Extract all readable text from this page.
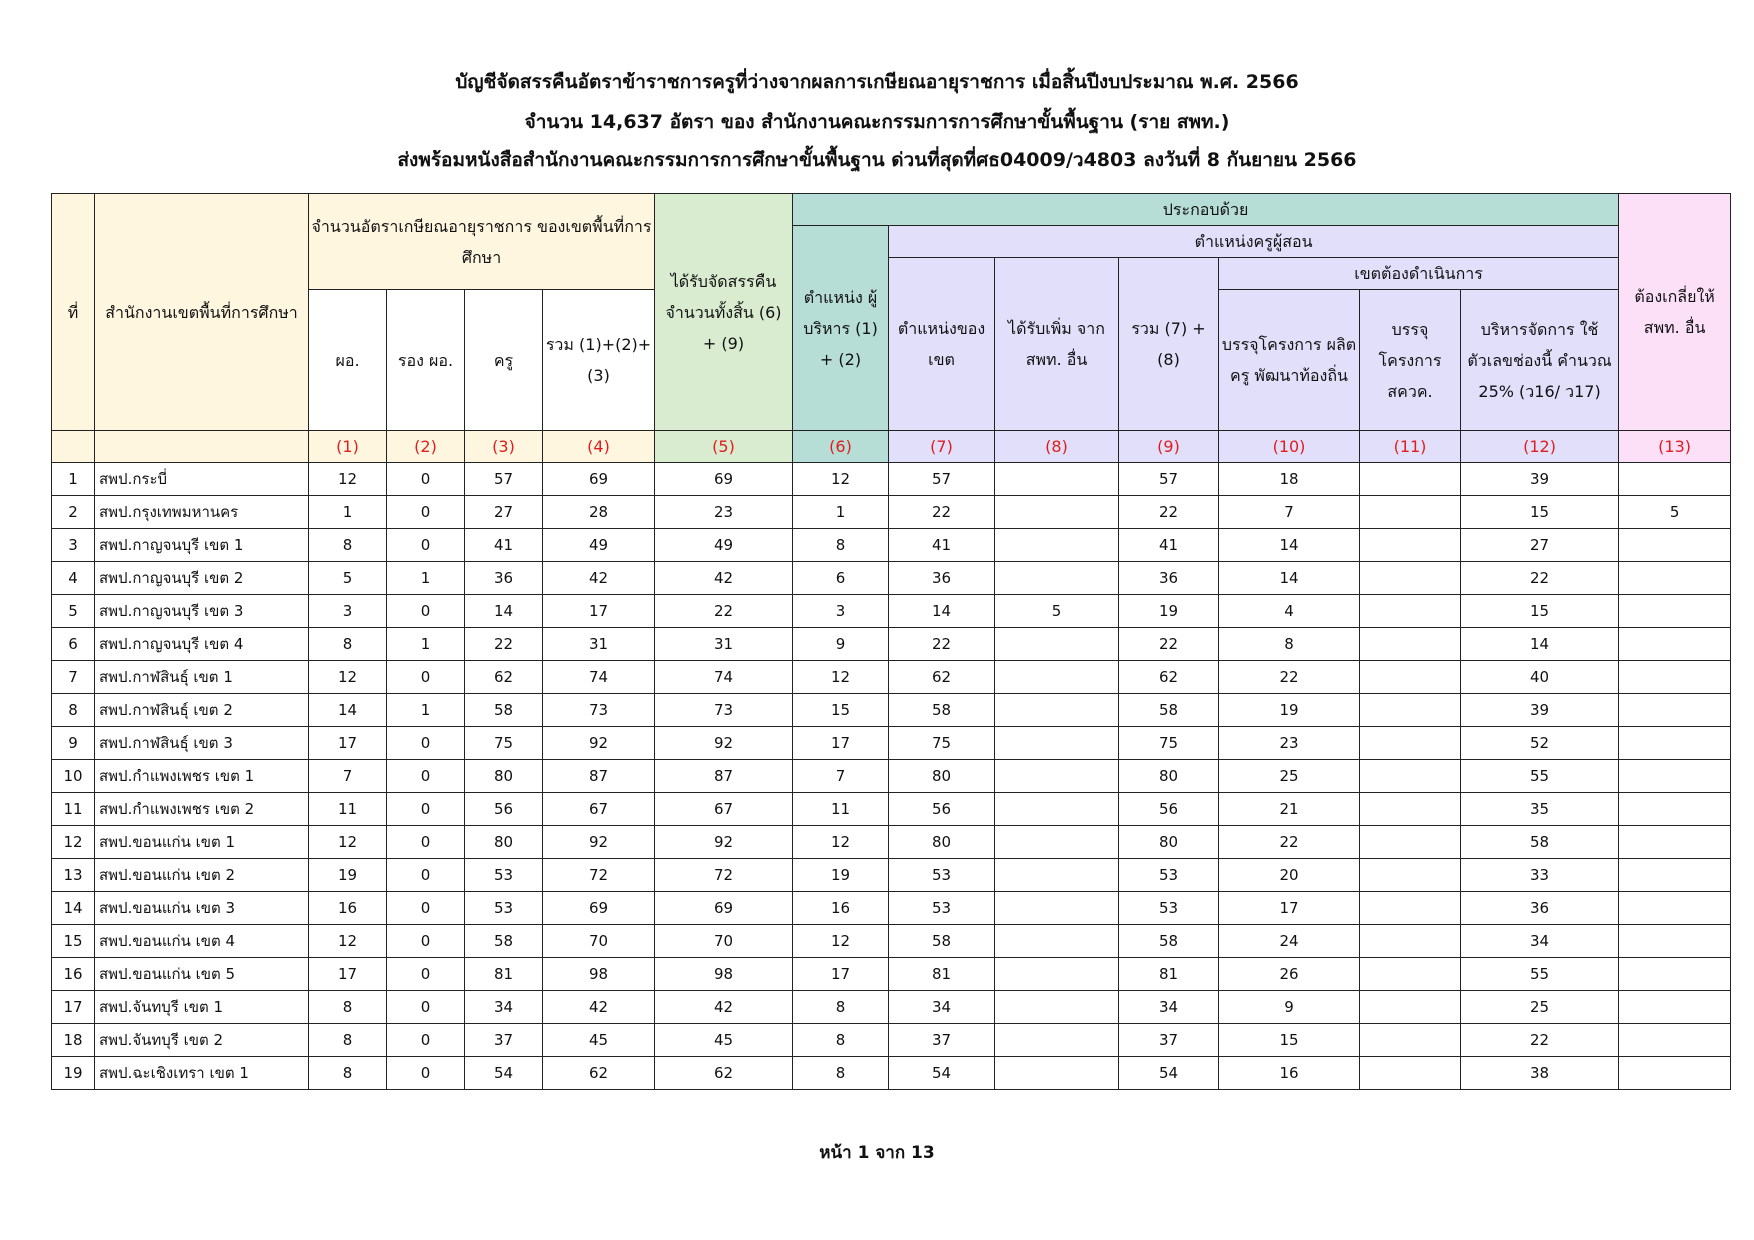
บัญชีจัดสรรคืนอัตราข้าราชการครูที่ว่างจากผลการเกษียณอายุราชการ เมื่อสิ้นปีงบประมาณ พ.ศ. 2566
จำนวน 14,637 อัตรา ของ สำนักงานคณะกรรมการการศึกษาขั้นพื้นฐาน (ราย สพท.)
ส่งพร้อมหนังสือสำนักงานคณะกรรมการการศึกษาขั้นพื้นฐาน ด่วนที่สุดที่ศธ04009/ว4803 ลงวันที่ 8 กันยายน 2566
ที่	สำนักงานเขตพื้นที่การศึกษา	จำนวนอัตราเกษียณอายุราชการ ของเขตพื้นที่การศึกษา				ได้รับจัดสรรคืน จำนวนทั้งสิ้น (6) + (9)	ประกอบด้วย							ต้องเกลี่ยให้ สพท. อื่น
							ตำแหน่ง ผู้บริหาร (1) + (2)	ตำแหน่งครูผู้สอน						
								ตำแหน่งของ เขต	ได้รับเพิ่ม จาก สพท. อื่น	รวม (7) + (8)	เขตต้องดำเนินการ			
		ผอ.	รอง ผอ.	ครู	รวม (1)+(2)+(3)						บรรจุโครงการ ผลิตครู พัฒนาท้องถิ่น	บรรจุ โครงการ สควค.	บริหารจัดการ ใช้ตัวเลขช่องนี้ คำนวณ 25% (ว16/ ว17)	
		(1)	(2)	(3)	(4)	(5)	(6)	(7)	(8)	(9)	(10)	(11)	(12)	(13)
1	สพป.กระบี่	12	0	57	69	69	12	57		57	18		39	
2	สพป.กรุงเทพมหานคร	1	0	27	28	23	1	22		22	7		15	5
3	สพป.กาญจนบุรี เขต 1	8	0	41	49	49	8	41		41	14		27	
4	สพป.กาญจนบุรี เขต 2	5	1	36	42	42	6	36		36	14		22	
5	สพป.กาญจนบุรี เขต 3	3	0	14	17	22	3	14	5	19	4		15	
6	สพป.กาญจนบุรี เขต 4	8	1	22	31	31	9	22		22	8		14	
7	สพป.กาฬสินธุ์ เขต 1	12	0	62	74	74	12	62		62	22		40	
8	สพป.กาฬสินธุ์ เขต 2	14	1	58	73	73	15	58		58	19		39	
9	สพป.กาฬสินธุ์ เขต 3	17	0	75	92	92	17	75		75	23		52	
10	สพป.กำแพงเพชร เขต 1	7	0	80	87	87	7	80		80	25		55	
11	สพป.กำแพงเพชร เขต 2	11	0	56	67	67	11	56		56	21		35	
12	สพป.ขอนแก่น เขต 1	12	0	80	92	92	12	80		80	22		58	
13	สพป.ขอนแก่น เขต 2	19	0	53	72	72	19	53		53	20		33	
14	สพป.ขอนแก่น เขต 3	16	0	53	69	69	16	53		53	17		36	
15	สพป.ขอนแก่น เขต 4	12	0	58	70	70	12	58		58	24		34	
16	สพป.ขอนแก่น เขต 5	17	0	81	98	98	17	81		81	26		55	
17	สพป.จันทบุรี เขต 1	8	0	34	42	42	8	34		34	9		25	
18	สพป.จันทบุรี เขต 2	8	0	37	45	45	8	37		37	15		22	
19	สพป.ฉะเชิงเทรา เขต 1	8	0	54	62	62	8	54		54	16		38	
หน้า 1 จาก 13
